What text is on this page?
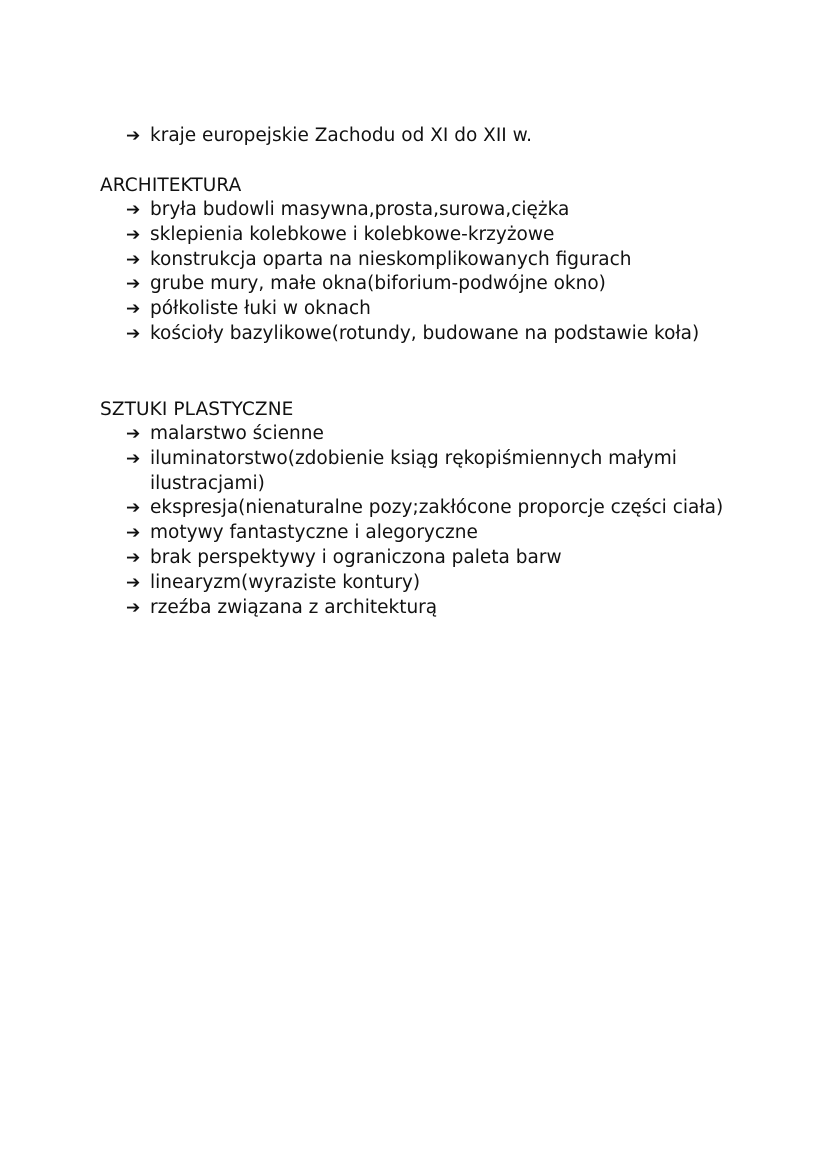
➔ kraje europejskie Zachodu od XI do XII w.

ARCHITEKTURA

➔ bryła budowli masywna,prosta,surowa,ciężka
➔ sklepienia kolebkowe i kolebkowe-krzyżowe
➔ konstrukcja oparta na nieskomplikowanych figurach
➔ grube mury, małe okna(biforium-podwójne okno)
➔ półkoliste łuki w oknach
➔ kościoły bazylikowe(rotundy, budowane na podstawie koła)

SZTUKI PLASTYCZNE

➔ malarstwo ścienne
➔ iluminatorstwo(zdobienie ksiąg rękopiśmiennych małymi ilustracjami)
➔ ekspresja(nienaturalne pozy;zakłócone proporcje części ciała)
➔ motywy fantastyczne i alegoryczne
➔ brak perspektywy i ograniczona paleta barw
➔ linearyzm(wyraziste kontury)
➔ rzeźba związana z architekturą
